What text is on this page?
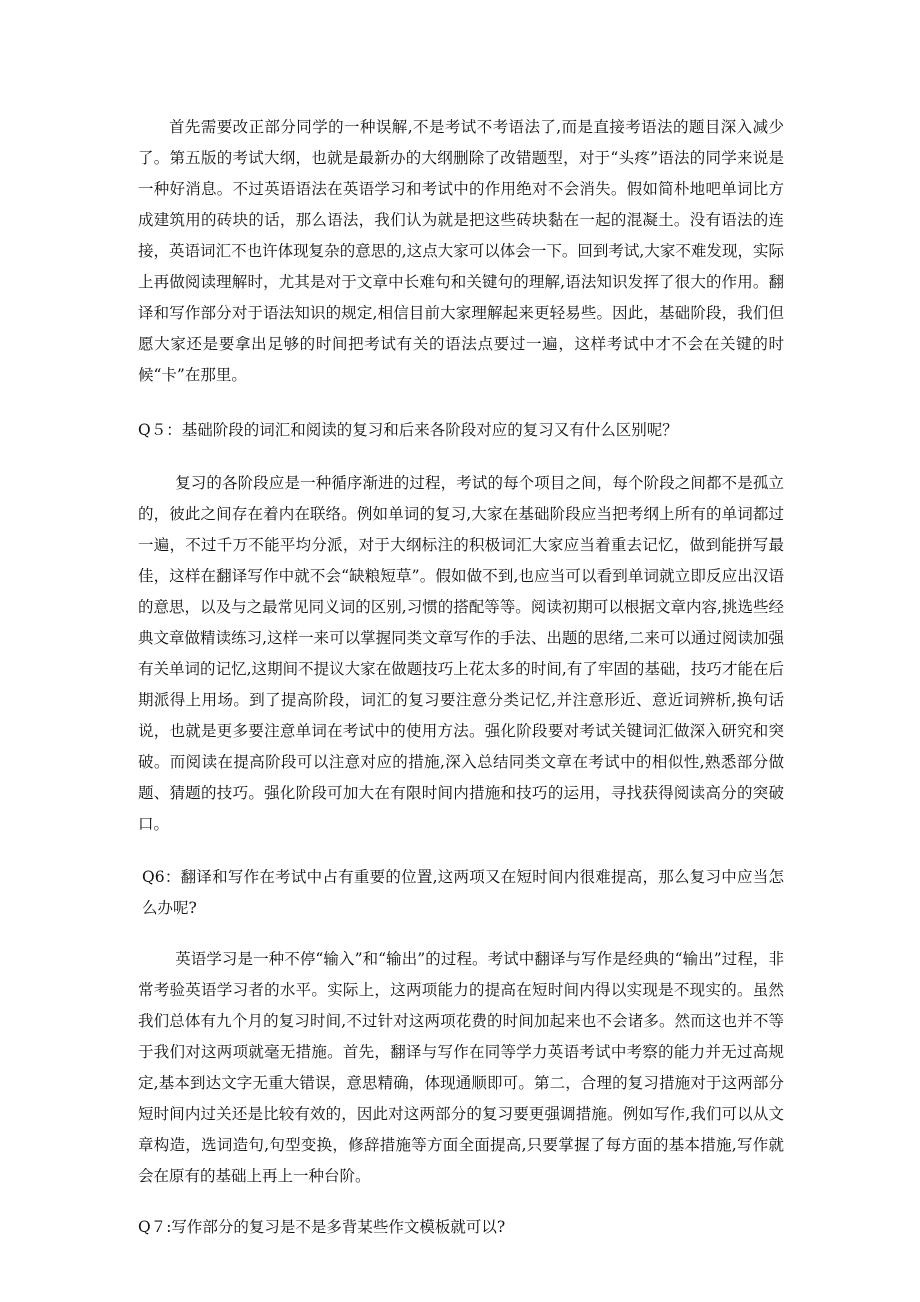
首先需要改正部分同学的一种误解,不是考试不考语法了,而是直接考语法的题目深入减少了。第五版的考试大纲，也就是最新办的大纲删除了改错题型，对于“头疼”语法的同学来说是一种好消息。不过英语语法在英语学习和考试中的作用绝对不会消失。假如简朴地吧单词比方成建筑用的砖块的话，那么语法，我们认为就是把这些砖块黏在一起的混凝土。没有语法的连接，英语词汇不也许体现复杂的意思的,这点大家可以体会一下。回到考试,大家不难发现，实际上再做阅读理解时，尤其是对于文章中长难句和关键句的理解,语法知识发挥了很大的作用。翻译和写作部分对于语法知识的规定,相信目前大家理解起来更轻易些。因此，基础阶段，我们但愿大家还是要拿出足够的时间把考试有关的语法点要过一遍，这样考试中才不会在关键的时候“卡”在那里。

Q５：基础阶段的词汇和阅读的复习和后来各阶段对应的复习又有什么区别呢？

复习的各阶段应是一种循序渐进的过程，考试的每个项目之间，每个阶段之间都不是孤立的，彼此之间存在着内在联络。例如单词的复习,大家在基础阶段应当把考纲上所有的单词都过一遍，不过千万不能平均分派，对于大纲标注的积极词汇大家应当着重去记忆，做到能拼写最佳，这样在翻译写作中就不会“缺粮短草”。假如做不到,也应当可以看到单词就立即反应出汉语的意思，以及与之最常见同义词的区别,习惯的搭配等等。阅读初期可以根据文章内容,挑选些经典文章做精读练习,这样一来可以掌握同类文章写作的手法、出题的思绪,二来可以通过阅读加强有关单词的记忆,这期间不提议大家在做题技巧上花太多的时间,有了牢固的基础，技巧才能在后期派得上用场。到了提高阶段，词汇的复习要注意分类记忆,并注意形近、意近词辨析,换句话说，也就是更多要注意单词在考试中的使用方法。强化阶段要对考试关键词汇做深入研究和突破。而阅读在提高阶段可以注意对应的措施,深入总结同类文章在考试中的相似性,熟悉部分做题、猜题的技巧。强化阶段可加大在有限时间内措施和技巧的运用，寻找获得阅读高分的突破口。

Q6：翻译和写作在考试中占有重要的位置,这两项又在短时间内很难提高，那么复习中应当怎么办呢?

英语学习是一种不停“输入”和“输出”的过程。考试中翻译与写作是经典的“输出”过程，非常考验英语学习者的水平。实际上，这两项能力的提高在短时间内得以实现是不现实的。虽然我们总体有九个月的复习时间,不过针对这两项花费的时间加起来也不会诸多。然而这也并不等于我们对这两项就毫无措施。首先，翻译与写作在同等学力英语考试中考察的能力并无过高规定,基本到达文字无重大错误，意思精确，体现通顺即可。第二，合理的复习措施对于这两部分短时间内过关还是比较有效的，因此对这两部分的复习要更强调措施。例如写作,我们可以从文章构造，选词造句,句型变换，修辞措施等方面全面提高,只要掌握了每方面的基本措施,写作就会在原有的基础上再上一种台阶。

Q７:写作部分的复习是不是多背某些作文模板就可以?
